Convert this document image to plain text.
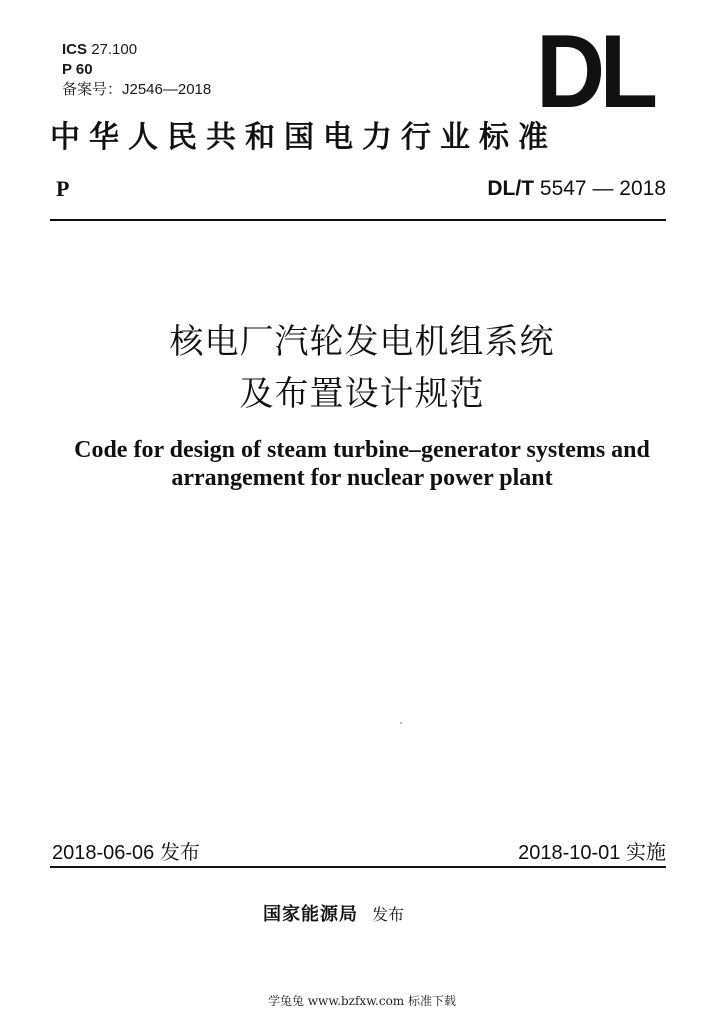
ICS 27.100
P 60
备案号：J2546—2018	DL
中华人民共和国电力行业标准
P	DL/T 5547 — 2018
核电厂汽轮发电机组系统
及布置设计规范
Code for design of steam turbine–generator systems and
arrangement for nuclear power plant
2018-06-06 发布	2018-10-01 实施
国家能源局 发布
学兔兔 www.bzfxw.com 标准下载
